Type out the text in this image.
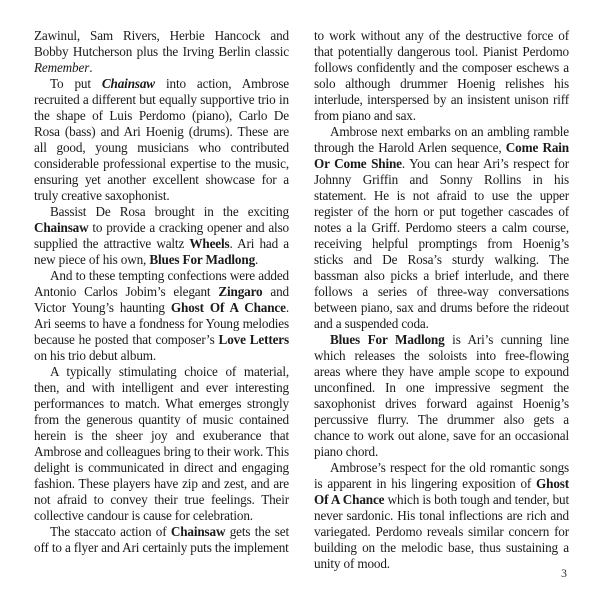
Zawinul, Sam Rivers, Herbie Hancock and Bobby Hutcherson plus the Irving Berlin classic Remember.

To put Chainsaw into action, Ambrose recruited a different but equally supportive trio in the shape of Luis Perdomo (piano), Carlo De Rosa (bass) and Ari Hoenig (drums). These are all good, young musicians who contributed considerable professional expertise to the music, ensuring yet another excellent showcase for a truly creative saxophonist.

Bassist De Rosa brought in the exciting Chainsaw to provide a cracking opener and also supplied the attractive waltz Wheels. Ari had a new piece of his own, Blues For Madlong.

And to these tempting confections were added Antonio Carlos Jobim’s elegant Zingaro and Victor Young’s haunting Ghost Of A Chance. Ari seems to have a fondness for Young melodies because he posted that composer’s Love Letters on his trio debut album.

A typically stimulating choice of material, then, and with intelligent and ever interesting performances to match. What emerges strongly from the generous quantity of music contained herein is the sheer joy and exuberance that Ambrose and colleagues bring to their work. This delight is communicated in direct and engaging fashion. These players have zip and zest, and are not afraid to convey their true feelings. Their collective candour is cause for celebration.

The staccato action of Chainsaw gets the set off to a flyer and Ari certainly puts the implement

to work without any of the destructive force of that potentially dangerous tool. Pianist Perdomo follows confidently and the composer eschews a solo although drummer Hoenig relishes his interlude, interspersed by an insistent unison riff from piano and sax.

Ambrose next embarks on an ambling ramble through the Harold Arlen sequence, Come Rain Or Come Shine. You can hear Ari’s respect for Johnny Griffin and Sonny Rollins in his statement. He is not afraid to use the upper register of the horn or put together cascades of notes a la Griff. Perdomo steers a calm course, receiving helpful promptings from Hoenig’s sticks and De Rosa’s sturdy walking. The bassman also picks a brief interlude, and there follows a series of three-way conversations between piano, sax and drums before the rideout and a suspended coda.

Blues For Madlong is Ari’s cunning line which releases the soloists into free-flowing areas where they have ample scope to expound unconfined. In one impressive segment the saxophonist drives forward against Hoenig’s percussive flurry. The drummer also gets a chance to work out alone, save for an occasional piano chord.

Ambrose’s respect for the old romantic songs is apparent in his lingering exposition of Ghost Of A Chance which is both tough and tender, but never sardonic. His tonal inflections are rich and variegated. Perdomo reveals similar concern for building on the melodic base, thus sustaining a unity of mood.

3
